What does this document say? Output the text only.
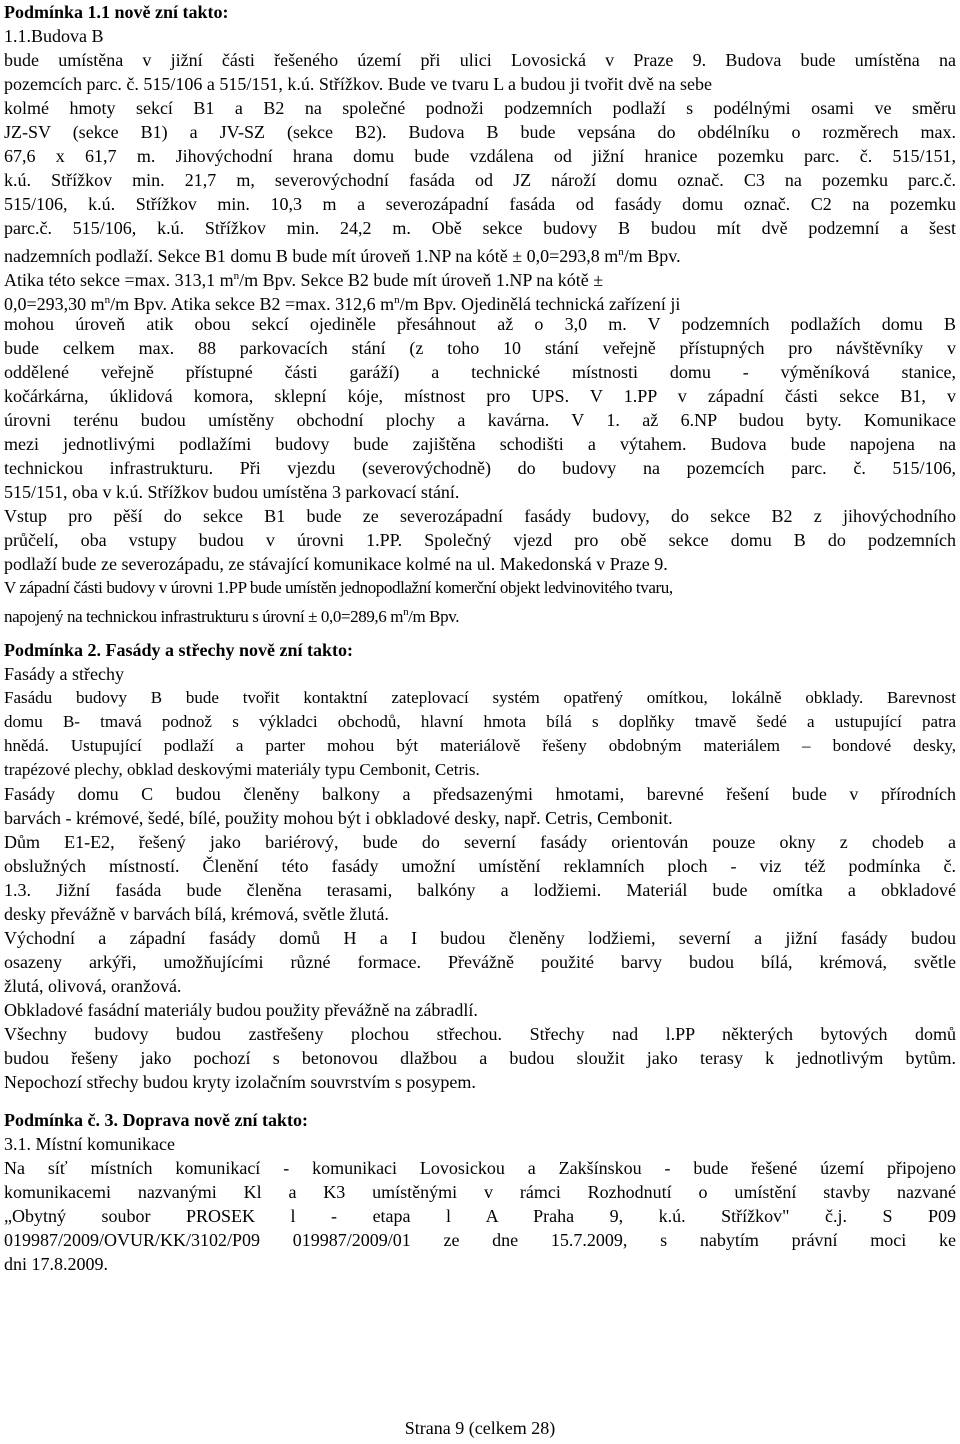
Podmínka 1.1 nově zní takto:
1.1.Budova B
bude umístěna v jižní části řešeného území při ulici Lovosická v Praze 9. Budova bude umístěna na
pozemcích parc. č. 515/106 a 515/151, k.ú. Střížkov. Bude ve tvaru L a budou ji tvořit dvě na sebe
kolmé hmoty sekcí B1 a B2 na společné podnoži podzemních podlaží s podélnými osami ve směru
JZ-SV (sekce B1) a JV-SZ (sekce B2). Budova B bude vepsána do obdélníku o rozměrech max.
67,6 x 61,7 m. Jihovýchodní hrana domu bude vzdálena od jižní hranice pozemku parc. č. 515/151,
k.ú. Střížkov min. 21,7 m, severovýchodní fasáda od JZ nároží domu označ. C3 na pozemku parc.č.
515/106, k.ú. Střížkov min. 10,3 m a severozápadní fasáda od fasády domu označ. C2 na pozemku
parc.č. 515/106, k.ú. Střížkov min. 24,2 m. Obě sekce budovy B budou mít dvě podzemní a šest
nadzemních podlaží. Sekce B1 domu B bude mít úroveň 1.NP na kótě ± 0,0=293,8 $m^n/m$ Bpv.
Atika této sekce =max. 313,1 $m^n/m$ Bpv. Sekce B2 bude mít úroveň 1.NP na kótě ±
0,0=293,30 $m^n/m$ Bpv. Atika sekce B2 =max. 312,6 $m^n/m$ Bpv. Ojedinělá technická zařízení ji
mohou úroveň atik obou sekcí ojediněle přesáhnout až o 3,0 m. V podzemních podlažích domu B
bude celkem max. 88 parkovacích stání (z toho 10 stání veřejně přístupných pro návštěvníky v
oddělené veřejně přístupné části garáží) a technické místnosti domu - výměníková stanice,
kočárkárna, úklidová komora, sklepní kóje, místnost pro UPS. V 1.PP v západní části sekce B1, v
úrovni terénu budou umístěny obchodní plochy a kavárna. V 1. až 6.NP budou byty. Komunikace
mezi jednotlivými podlažími budovy bude zajištěna schodišti a výtahem. Budova bude napojena na
technickou infrastrukturu. Při vjezdu (severovýchodně) do budovy na pozemcích parc. č. 515/106,
515/151, oba v k.ú. Střížkov budou umístěna 3 parkovací stání.
Vstup pro pěší do sekce B1 bude ze severozápadní fasády budovy, do sekce B2 z jihovýchodního
průčelí, oba vstupy budou v úrovni 1.PP. Společný vjezd pro obě sekce domu B do podzemních
podlaží bude ze severozápadu, ze stávající komunikace kolmé na ul. Makedonská v Praze 9.
V západní části budovy v úrovni 1.PP bude umístěn jednopodlažní komerční objekt ledvinovitého tvaru,
napojený na technickou infrastrukturu s úrovní ± 0,0=289,6 $m^n/m$ Bpv.
Podmínka 2. Fasády a střechy nově zní takto:
Fasády a střechy
Fasádu budovy B bude tvořit kontaktní zateplovací systém opatřený omítkou, lokálně obklady. Barevnost
domu B- tmavá podnož s výkladci obchodů, hlavní hmota bílá s doplňky tmavě šedé a ustupující patra
hnědá. Ustupující podlaží a parter mohou být materiálově řešeny obdobným materiálem – bondové desky,
trapézové plechy, obklad deskovými materiály typu Cembonit, Cetris.
Fasády domu C budou členěny balkony a předsazenými hmotami, barevné řešení bude v přírodních
barvách - krémové, šedé, bílé, použity mohou být i obkladové desky, např. Cetris, Cembonit.
Dům E1-E2, řešený jako bariérový, bude do severní fasády orientován pouze okny z chodeb a
obslužných místností. Členění této fasády umožní umístění reklamních ploch - viz též podmínka č.
1.3. Jižní fasáda bude členěna terasami, balkóny a lodžiemi. Materiál bude omítka a obkladové
desky převážně v barvách bílá, krémová, světle žlutá.
Východní a západní fasády domů H a I budou členěny lodžiemi, severní a jižní fasády budou
osazeny arkýři, umožňujícími různé formace. Převážně použité barvy budou bílá, krémová, světle
žlutá, olivová, oranžová.
Obkladové fasádní materiály budou použity převážně na zábradlí.
Všechny budovy budou zastřešeny plochou střechou. Střechy nad l.PP některých bytových domů
budou řešeny jako pochozí s betonovou dlažbou a budou sloužit jako terasy k jednotlivým bytům.
Nepochozí střechy budou kryty izolačním souvrstvím s posypem.
Podmínka č. 3. Doprava nově zní takto:
3.1. Místní komunikace
Na síť místních komunikací - komunikaci Lovosickou a Zakšínskou - bude řešené území připojeno
komunikacemi nazvanými Kl a K3 umístěnými v rámci Rozhodnutí o umístění stavby nazvané
„Obytný soubor PROSEK l - etapa l A Praha 9, k.ú. Střížkov" č.j. S P09
019987/2009/OVUR/KK/3102/P09 019987/2009/01 ze dne 15.7.2009, s nabytím právní moci ke
dni 17.8.2009.
Strana 9 (celkem 28)
